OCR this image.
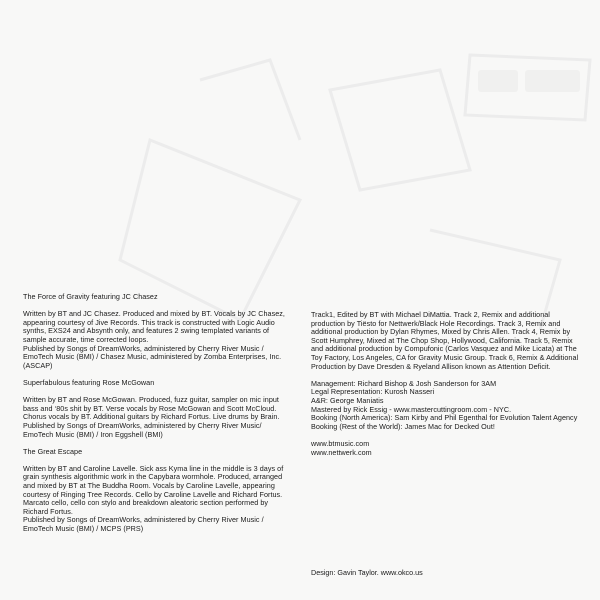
The Force of Gravity featuring JC Chasez

Written by BT and JC Chasez. Produced and mixed by BT. Vocals by JC Chasez,

appearing courtesy of Jive Records. This track is constructed with Logic Audio

synths, EXS24 and Absynth only, and features 2 swing templated variants of

sample accurate, time corrected loops.

Published by Songs of DreamWorks, administered by Cherry River Music /

EmoTech Music (BMI) / Chasez Music, administered by Zomba Enterprises, Inc.

(ASCAP)

Superfabulous featuring Rose McGowan

Written by BT and Rose McGowan. Produced, fuzz guitar, sampler on mic input

bass and ‘80s shit by BT. Verse vocals by Rose McGowan and Scott McCloud.

Chorus vocals by BT. Additional guitars by Richard Fortus. Live drums by Brain.

Published by Songs of DreamWorks, administered by Cherry River Music/

EmoTech Music (BMI) / Iron Eggshell (BMI)

The Great Escape

Written by BT and Caroline Lavelle. Sick ass Kyma line in the middle is 3 days of

grain synthesis algorithmic work in the Capybara wormhole. Produced, arranged

and mixed by BT at The Buddha Room. Vocals by Caroline Lavelle, appearing

courtesy of Ringing Tree Records. Cello by Caroline Lavelle and Richard Fortus.

Marcato cello, cello con stylo and breakdown aleatoric section performed by

Richard Fortus.

Published by Songs of DreamWorks, administered by Cherry River Music /

EmoTech Music (BMI) / MCPS (PRS)

Track1, Edited by BT with Michael DiMattia. Track 2, Remix and additional

production by Tiësto for Nettwerk/Black Hole Recordings. Track 3, Remix and

additional production by Dylan Rhymes, Mixed by Chris Allen. Track 4, Remix by

Scott Humphrey, Mixed at The Chop Shop, Hollywood, California. Track 5, Remix

and additional production by Compufonic (Carlos Vasquez and Mike Licata) at The

Toy Factory, Los Angeles, CA for Gravity Music Group. Track 6, Remix & Additional

Production by Dave Dresden & Ryeland Allison known as Attention Deficit.

Management: Richard Bishop & Josh Sanderson for 3AM

Legal Representation: Kurosh Nasseri

A&R: George Maniatis

Mastered by Rick Essig - www.mastercuttingroom.com - NYC.

Booking (North America): Sam Kirby and Phil Egenthal for Evolution Talent Agency

Booking (Rest of the World): James Mac for Decked Out!

www.btmusic.com

www.nettwerk.com

Design: Gavin Taylor. www.okco.us
